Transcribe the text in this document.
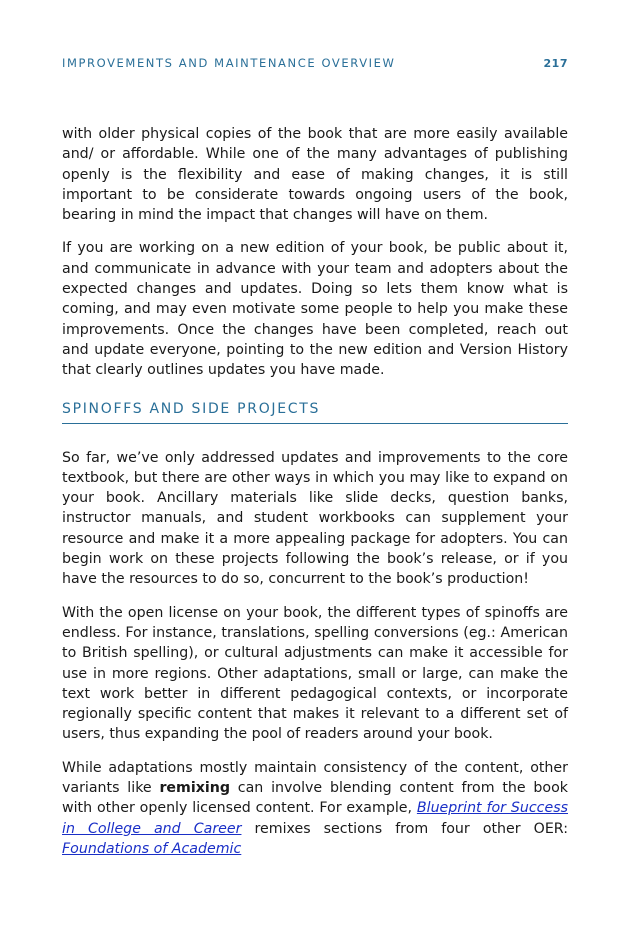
IMPROVEMENTS AND MAINTENANCE OVERVIEW	217

with older physical copies of the book that are more easily available and/ or affordable. While one of the many advantages of publishing openly is the flexibility and ease of making changes, it is still important to be considerate towards ongoing users of the book, bearing in mind the impact that changes will have on them.

If you are working on a new edition of your book, be public about it, and communicate in advance with your team and adopters about the expected changes and updates. Doing so lets them know what is coming, and may even motivate some people to help you make these improvements. Once the changes have been completed, reach out and update everyone, pointing to the new edition and Version History that clearly outlines updates you have made.

SPINOFFS AND SIDE PROJECTS

So far, we’ve only addressed updates and improvements to the core textbook, but there are other ways in which you may like to expand on your book. Ancillary materials like slide decks, question banks, instructor manuals, and student workbooks can supplement your resource and make it a more appealing package for adopters. You can begin work on these projects following the book’s release, or if you have the resources to do so, concurrent to the book’s production!

With the open license on your book, the different types of spinoffs are endless. For instance, translations, spelling conversions (eg.: American to British spelling), or cultural adjustments can make it accessible for use in more regions. Other adaptations, small or large, can make the text work better in different pedagogical contexts, or incorporate regionally specific content that makes it relevant to a different set of users, thus expanding the pool of readers around your book.

While adaptations mostly maintain consistency of the content, other variants like remixing can involve blending content from the book with other openly licensed content. For example, Blueprint for Success in College and Career remixes sections from four other OER: Foundations of Academic
